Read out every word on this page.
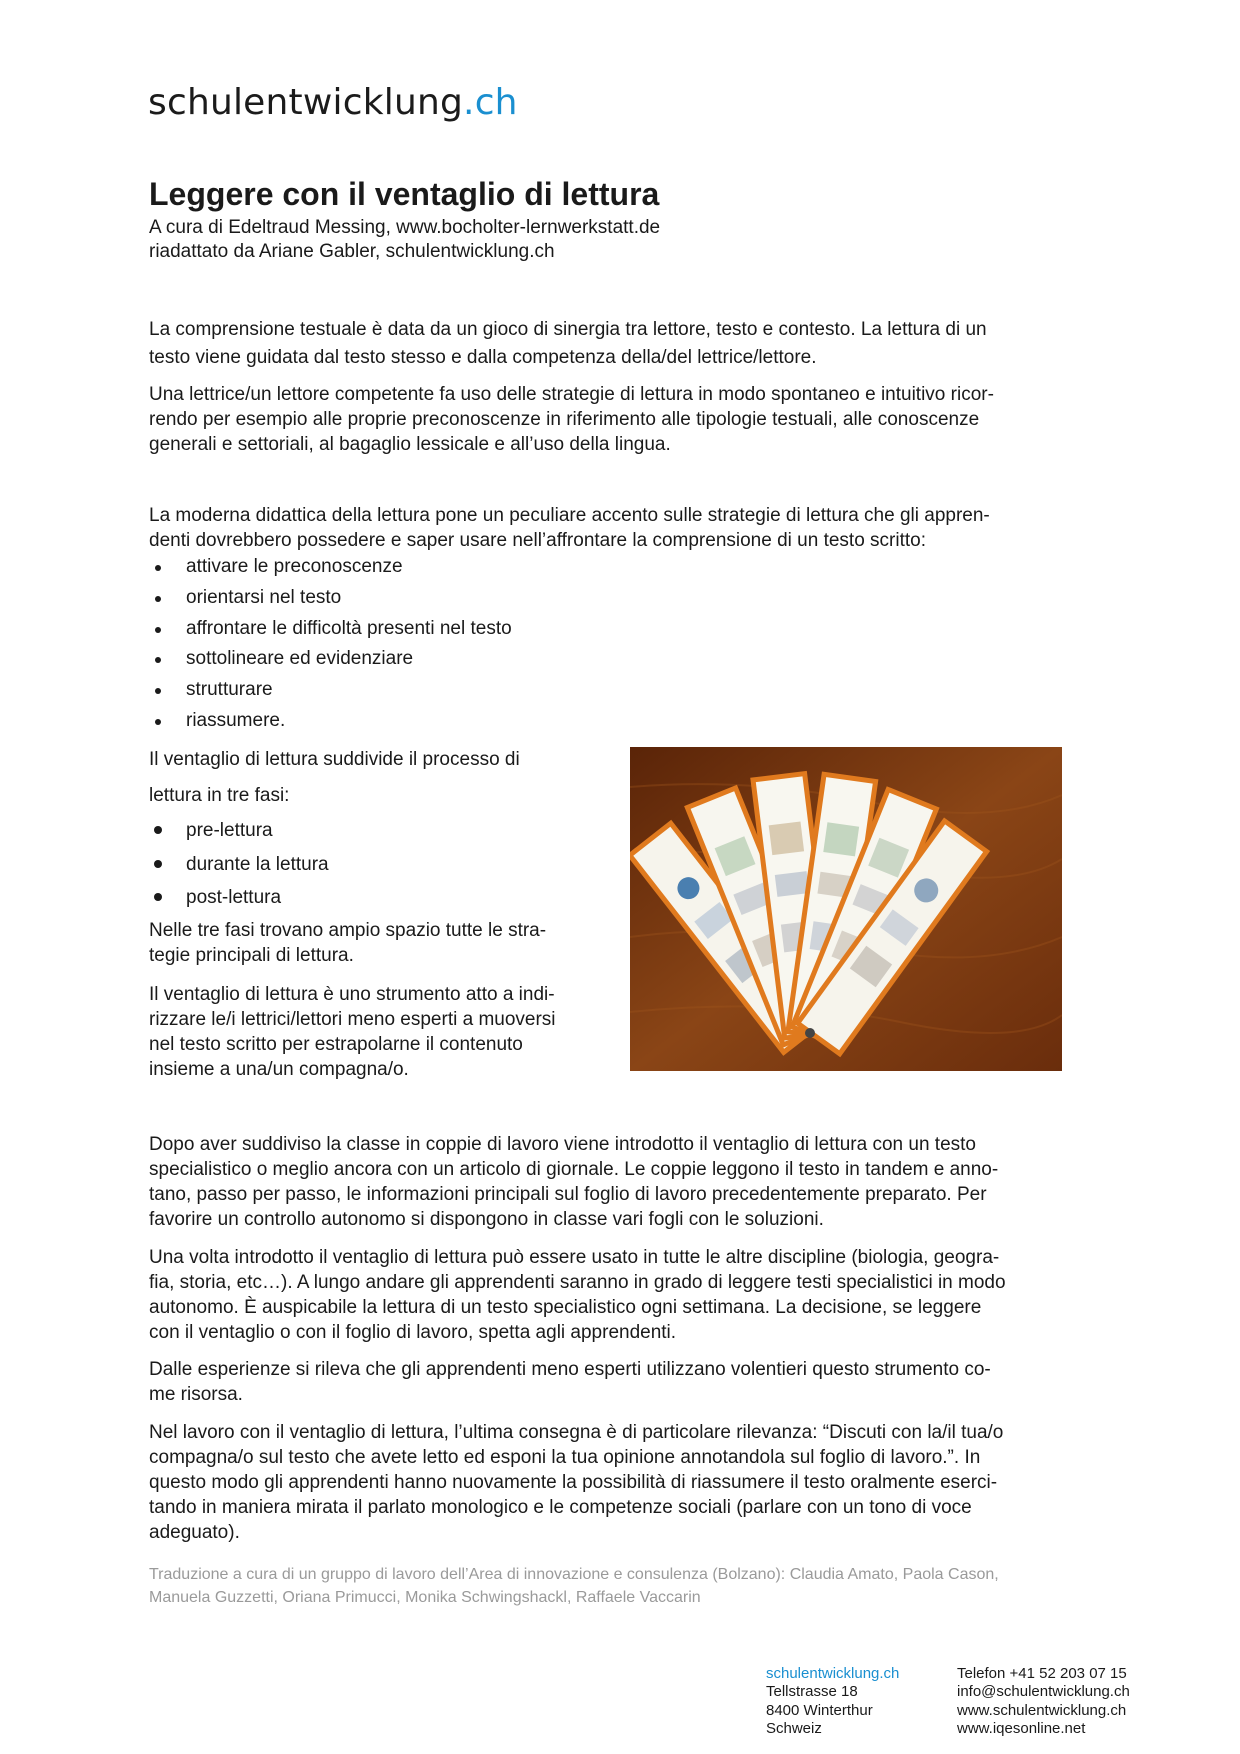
schulentwicklung.ch
Leggere con il ventaglio di lettura
A cura di Edeltraud Messing, www.bocholter-lernwerkstatt.de
riadattato da Ariane Gabler, schulentwicklung.ch
La comprensione testuale è data da un gioco di sinergia tra lettore, testo e contesto. La lettura di un
testo viene guidata dal testo stesso e dalla competenza della/del lettrice/lettore.
Una lettrice/un lettore competente fa uso delle strategie di lettura in modo spontaneo e intuitivo ricor-
rendo per esempio alle proprie preconoscenze in riferimento alle tipologie testuali, alle conoscenze
generali e settoriali, al bagaglio lessicale e all’uso della lingua.
La moderna didattica della lettura pone un peculiare accento sulle strategie di lettura che gli appren-
denti dovrebbero possedere e saper usare nell’affrontare la comprensione di un testo scritto:
attivare le preconoscenze
orientarsi nel testo
affrontare le difficoltà presenti nel testo
sottolineare ed evidenziare
strutturare
riassumere.
Il ventaglio di lettura suddivide il processo di
lettura in tre fasi:
pre-lettura
durante la lettura
post-lettura
Nelle tre fasi trovano ampio spazio tutte le stra-
tegie principali di lettura.
Il ventaglio di lettura è uno strumento atto a indi-
rizzare le/i lettrici/lettori meno esperti a muoversi
nel testo scritto per estrapolarne il contenuto
insieme a una/un compagna/o.
Dopo aver suddiviso la classe in coppie di lavoro viene introdotto il ventaglio di lettura con un testo
specialistico o meglio ancora con un articolo di giornale. Le coppie leggono il testo in tandem e anno-
tano, passo per passo, le informazioni principali sul foglio di lavoro precedentemente preparato. Per
favorire un controllo autonomo si dispongono in classe vari fogli con le soluzioni.
Una volta introdotto il ventaglio di lettura può essere usato in tutte le altre discipline (biologia, geogra-
fia, storia, etc…). A lungo andare gli apprendenti saranno in grado di leggere testi specialistici in modo
autonomo. È auspicabile la lettura di un testo specialistico ogni settimana. La decisione, se leggere
con il ventaglio o con il foglio di lavoro, spetta agli apprendenti.
Dalle esperienze si rileva che gli apprendenti meno esperti utilizzano volentieri questo strumento co-
me risorsa.
Nel lavoro con il ventaglio di lettura, l’ultima consegna è di particolare rilevanza: “Discuti con la/il tua/o
compagna/o sul testo che avete letto ed esponi la tua opinione annotandola sul foglio di lavoro.”. In
questo modo gli apprendenti hanno nuovamente la possibilità di riassumere il testo oralmente eserci-
tando in maniera mirata il parlato monologico e le competenze sociali (parlare con un tono di voce
adeguato).
Traduzione a cura di un gruppo di lavoro dell’Area di innovazione e consulenza (Bolzano): Claudia Amato, Paola Cason,
Manuela Guzzetti, Oriana Primucci, Monika Schwingshackl, Raffaele Vaccarin
schulentwicklung.ch
Tellstrasse 18
8400 Winterthur
Schweiz
Telefon +41 52 203 07 15
info@schulentwicklung.ch
www.schulentwicklung.ch
www.iqesonline.net
